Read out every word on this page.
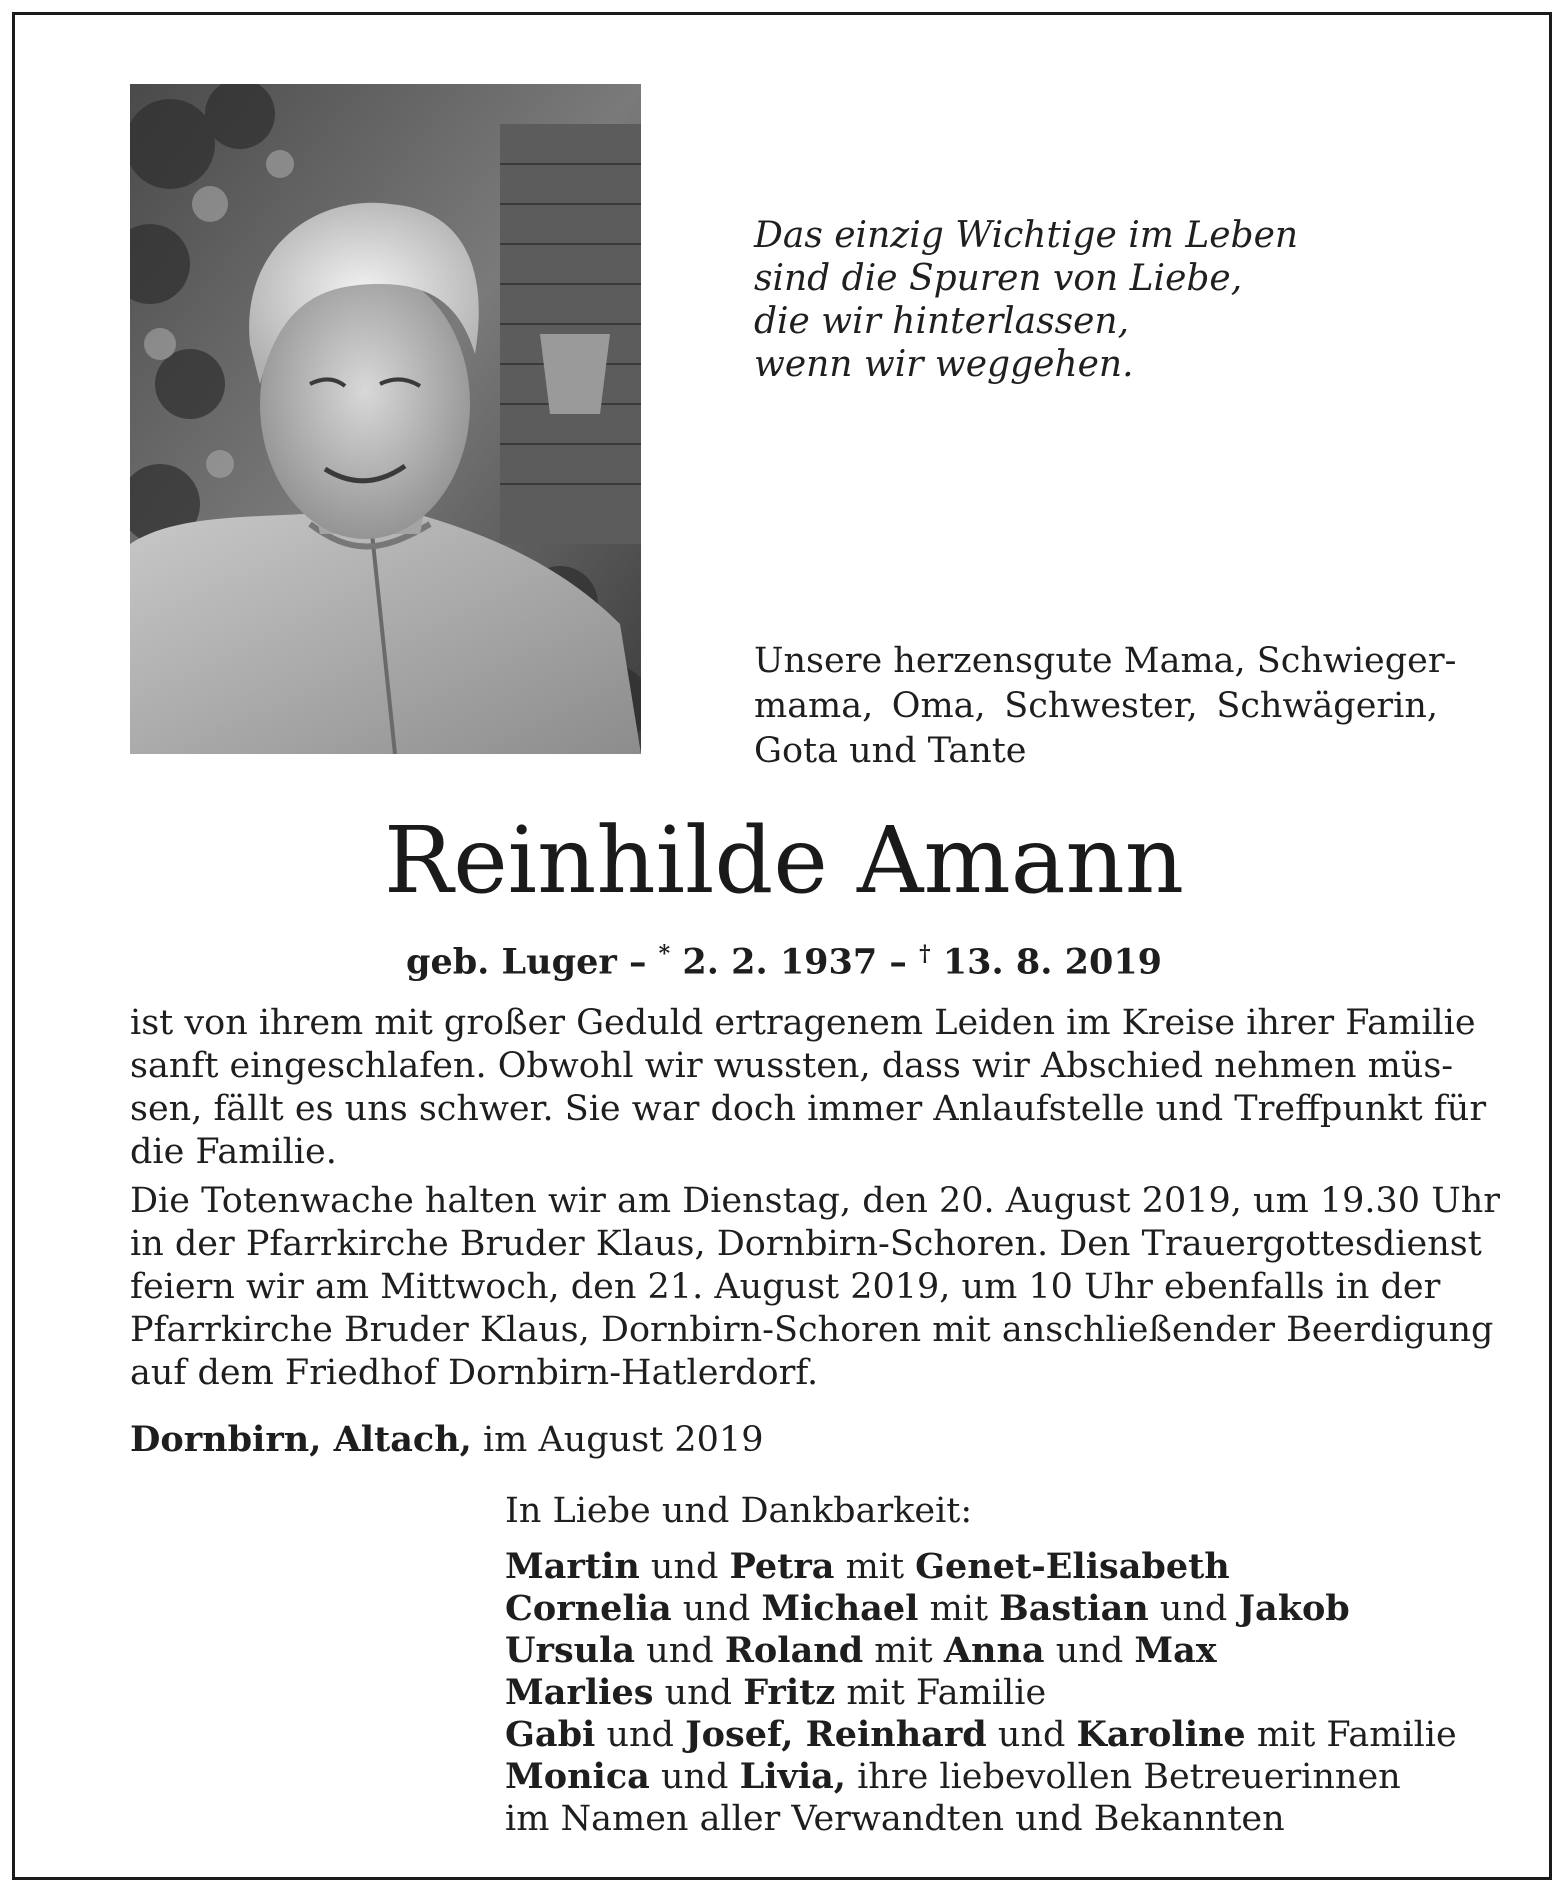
Das einzig Wichtige im Leben
sind die Spuren von Liebe,
die wir hinterlassen,
wenn wir weggehen.
Unsere herzensgute Mama, Schwieger-
mama, Oma, Schwester, Schwägerin,
Gota und Tante
Reinhilde Amann
geb. Luger – * 2. 2. 1937 – † 13. 8. 2019
ist von ihrem mit großer Geduld ertragenem Leiden im Kreise ihrer Familie
sanft eingeschlafen. Obwohl wir wussten, dass wir Abschied nehmen müs-
sen, fällt es uns schwer. Sie war doch immer Anlaufstelle und Treffpunkt für
die Familie.
Die Totenwache halten wir am Dienstag, den 20. August 2019, um 19.30 Uhr
in der Pfarrkirche Bruder Klaus, Dornbirn-Schoren. Den Trauergottesdienst
feiern wir am Mittwoch, den 21. August 2019, um 10 Uhr ebenfalls in der
Pfarrkirche Bruder Klaus, Dornbirn-Schoren mit anschließender Beerdigung
auf dem Friedhof Dornbirn-Hatlerdorf.
Dornbirn, Altach, im August 2019
In Liebe und Dankbarkeit:
Martin und Petra mit Genet-Elisabeth
Cornelia und Michael mit Bastian und Jakob
Ursula und Roland mit Anna und Max
Marlies und Fritz mit Familie
Gabi und Josef, Reinhard und Karoline mit Familie
Monica und Livia, ihre liebevollen Betreuerinnen
im Namen aller Verwandten und Bekannten
